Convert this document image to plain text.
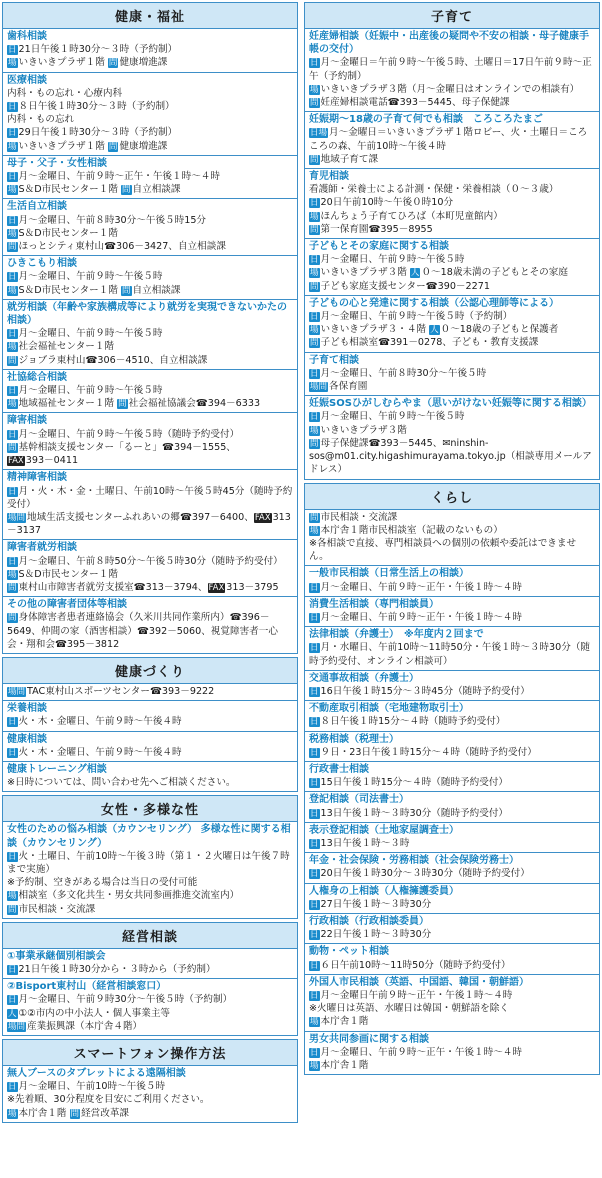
健康・福祉
歯科相談
日 21日午後１時30分～３時（予約制）
場 いきいきプラザ１階 問 健康増進課
医療相談
内科・もの忘れ・心療内科
日 ８日午後１時30分～３時（予約制）
内科・もの忘れ
日 29日午後１時30分～３時（予約制）
場 いきいきプラザ１階 問 健康増進課
母子・父子・女性相談
日 月～金曜日、午前９時～正午・午後１時～４時
場 S＆D市民センター１階 問 自立相談課
生活自立相談
日 月～金曜日、午前８時30分～午後５時15分
場 S＆D市民センター１階
問 ほっとシティ東村山☎306－3427、自立相談課
ひきこもり相談
日 月～金曜日、午前９時～午後５時
場 S＆D市民センター１階 問 自立相談課
就労相談（年齢や家族構成等により就労を実現できないかたの相談）
日 月～金曜日、午前９時～午後５時
場 社会福祉センター１階
問 ジョブラ東村山☎306－4510、自立相談課
社協総合相談
日 月～金曜日、午前９時～午後５時
場 地域福祉センター１階 問 社会福祉協議会☎394－6333
障害相談
日 月～金曜日、午前９時～午後５時（随時予約受付）
問 基幹相談支援センター「るーと」☎394－1555、
FAX 393－0411
精神障害相談
日 月・火・木・金・土曜日、午前10時～午後５時45分（随時予約受付）
場問 地域生活支援センターふれあいの郷☎397－6400、FAX 313－3137
障害者就労相談
日 月～金曜日、午前８時50分～午後５時30分（随時予約受付）
場 S＆D市民センター１階
問 東村山市障害者就労支援室☎313－3794、FAX 313－3795
その他の障害者団体等相談
問 身体障害者患者連絡協会（久米川共同作業所内）☎396－5649、仲間の家（酒害相談）☎392－5060、視覚障害者一心会・翔和会☎395－3812
健康づくり
場問 TAC東村山スポーツセンター☎393－9222
栄養相談
日 火・木・金曜日、午前９時～午後４時
健康相談
日 火・木・金曜日、午前９時～午後４時
健康トレーニング相談
※日時については、問い合わせ先へご相談ください。
女性・多様な性
女性のための悩み相談（カウンセリング） 多様な性に関する相談（カウンセリング）
日 火・土曜日、午前10時～午後３時（第１・２火曜日は午後７時まで実施）
※予約制、空きがある場合は当日の受付可能
場 相談室（多文化共生・男女共同参画推進交流室内）
問 市民相談・交流課
経営相談
①事業承継個別相談会
日 21日午後１時30分から・３時から（予約制）
②Bisport東村山（経営相談窓口）
日 月～金曜日、午前９時30分～午後５時（予約制）
人 ①②市内の中小法人・個人事業主等
場問 産業振興課（本庁舎４階）
スマートフォン操作方法
無人ブースのタブレットによる遠隔相談
日 月～金曜日、午前10時～午後５時
※先着順、30分程度を目安にご利用ください。
場 本庁舎１階 問 経営改革課
子育て
妊産婦相談（妊娠中・出産後の疑問や不安の相談・母子健康手帳の交付）
日 月～金曜日＝午前９時～午後５時、土曜日＝17日午前９時～正午（予約制）
場 いきいきプラザ３階（月～金曜日はオンラインでの相談有）
問 妊産婦相談電話☎393－5445、母子保健課
妊娠期～18歳の子育て何でも相談　ころころたまご
日場 月～金曜日＝いきいきプラザ１階ロビー、火・土曜日＝ころころの森、午前10時～午後４時
問 地域子育て課
育児相談
看護師・栄養士による計測・保健・栄養相談（０～３歳）
日 20日午前10時～午後０時10分
場 ほんちょう子育てひろば（本町児童館内）
問 第一保育園☎395－8955
子どもとその家庭に関する相談
日 月～金曜日、午前９時～午後５時
場 いきいきプラザ３階 人 ０～18歳未満の子どもとその家庭
問 子ども家庭支援センター☎390－2271
子どもの心と発達に関する相談（公認心理師等による）
日 月～金曜日、午前９時～午後５時（予約制）
場 いきいきプラザ３・４階 人 ０～18歳の子どもと保護者
問 子ども相談室☎391－0278、子ども・教育支援課
子育て相談
日 月～金曜日、午前８時30分～午後５時
場問 各保育園
妊娠SOSひがしむらやま（思いがけない妊娠等に関する相談）
日 月～金曜日、午前９時～午後５時
場 いきいきプラザ３階
問 母子保健課☎393－5445、✉ninshin-sos@m01.city.higashimurayama.tokyo.jp（相談専用メールアドレス）
くらし
問 市民相談・交流課
場 本庁舎１階市民相談室（記載のないもの）
※各相談で直接、専門相談員への個別の依頼や委託はできません。
一般市民相談（日常生活上の相談）
日 月～金曜日、午前９時～正午・午後１時～４時
消費生活相談（専門相談員）
日 月～金曜日、午前９時～正午・午後１時～４時
法律相談（弁護士）　※年度内２回まで
日 月・水曜日、午前10時～11時50分・午後１時～３時30分（随時予約受付、オンライン相談可）
交通事故相談（弁護士）
日 16日午後１時15分～３時45分（随時予約受付）
不動産取引相談（宅地建物取引士）
日 ８日午後１時15分～４時（随時予約受付）
税務相談（税理士）
日 ９日・23日午後１時15分～４時（随時予約受付）
行政書士相談
日 15日午後１時15分～４時（随時予約受付）
登記相談（司法書士）
日 13日午後１時～３時30分（随時予約受付）
表示登記相談（土地家屋調査士）
日 13日午後１時～３時
年金・社会保険・労務相談（社会保険労務士）
日 20日午後１時30分～３時30分（随時予約受付）
人権身の上相談（人権擁護委員）
日 27日午後１時～３時30分
行政相談（行政相談委員）
日 22日午後１時～３時30分
動物・ペット相談
日 ６日午前10時～11時50分（随時予約受付）
外国人市民相談（英語、中国語、韓国・朝鮮語）
日 月～金曜日午前９時～正午・午後１時～４時
※火曜日は英語、水曜日は韓国・朝鮮語を除く
場 本庁舎１階
男女共同参画に関する相談
日 月～金曜日、午前９時～正午・午後１時～４時
場 本庁舎１階
